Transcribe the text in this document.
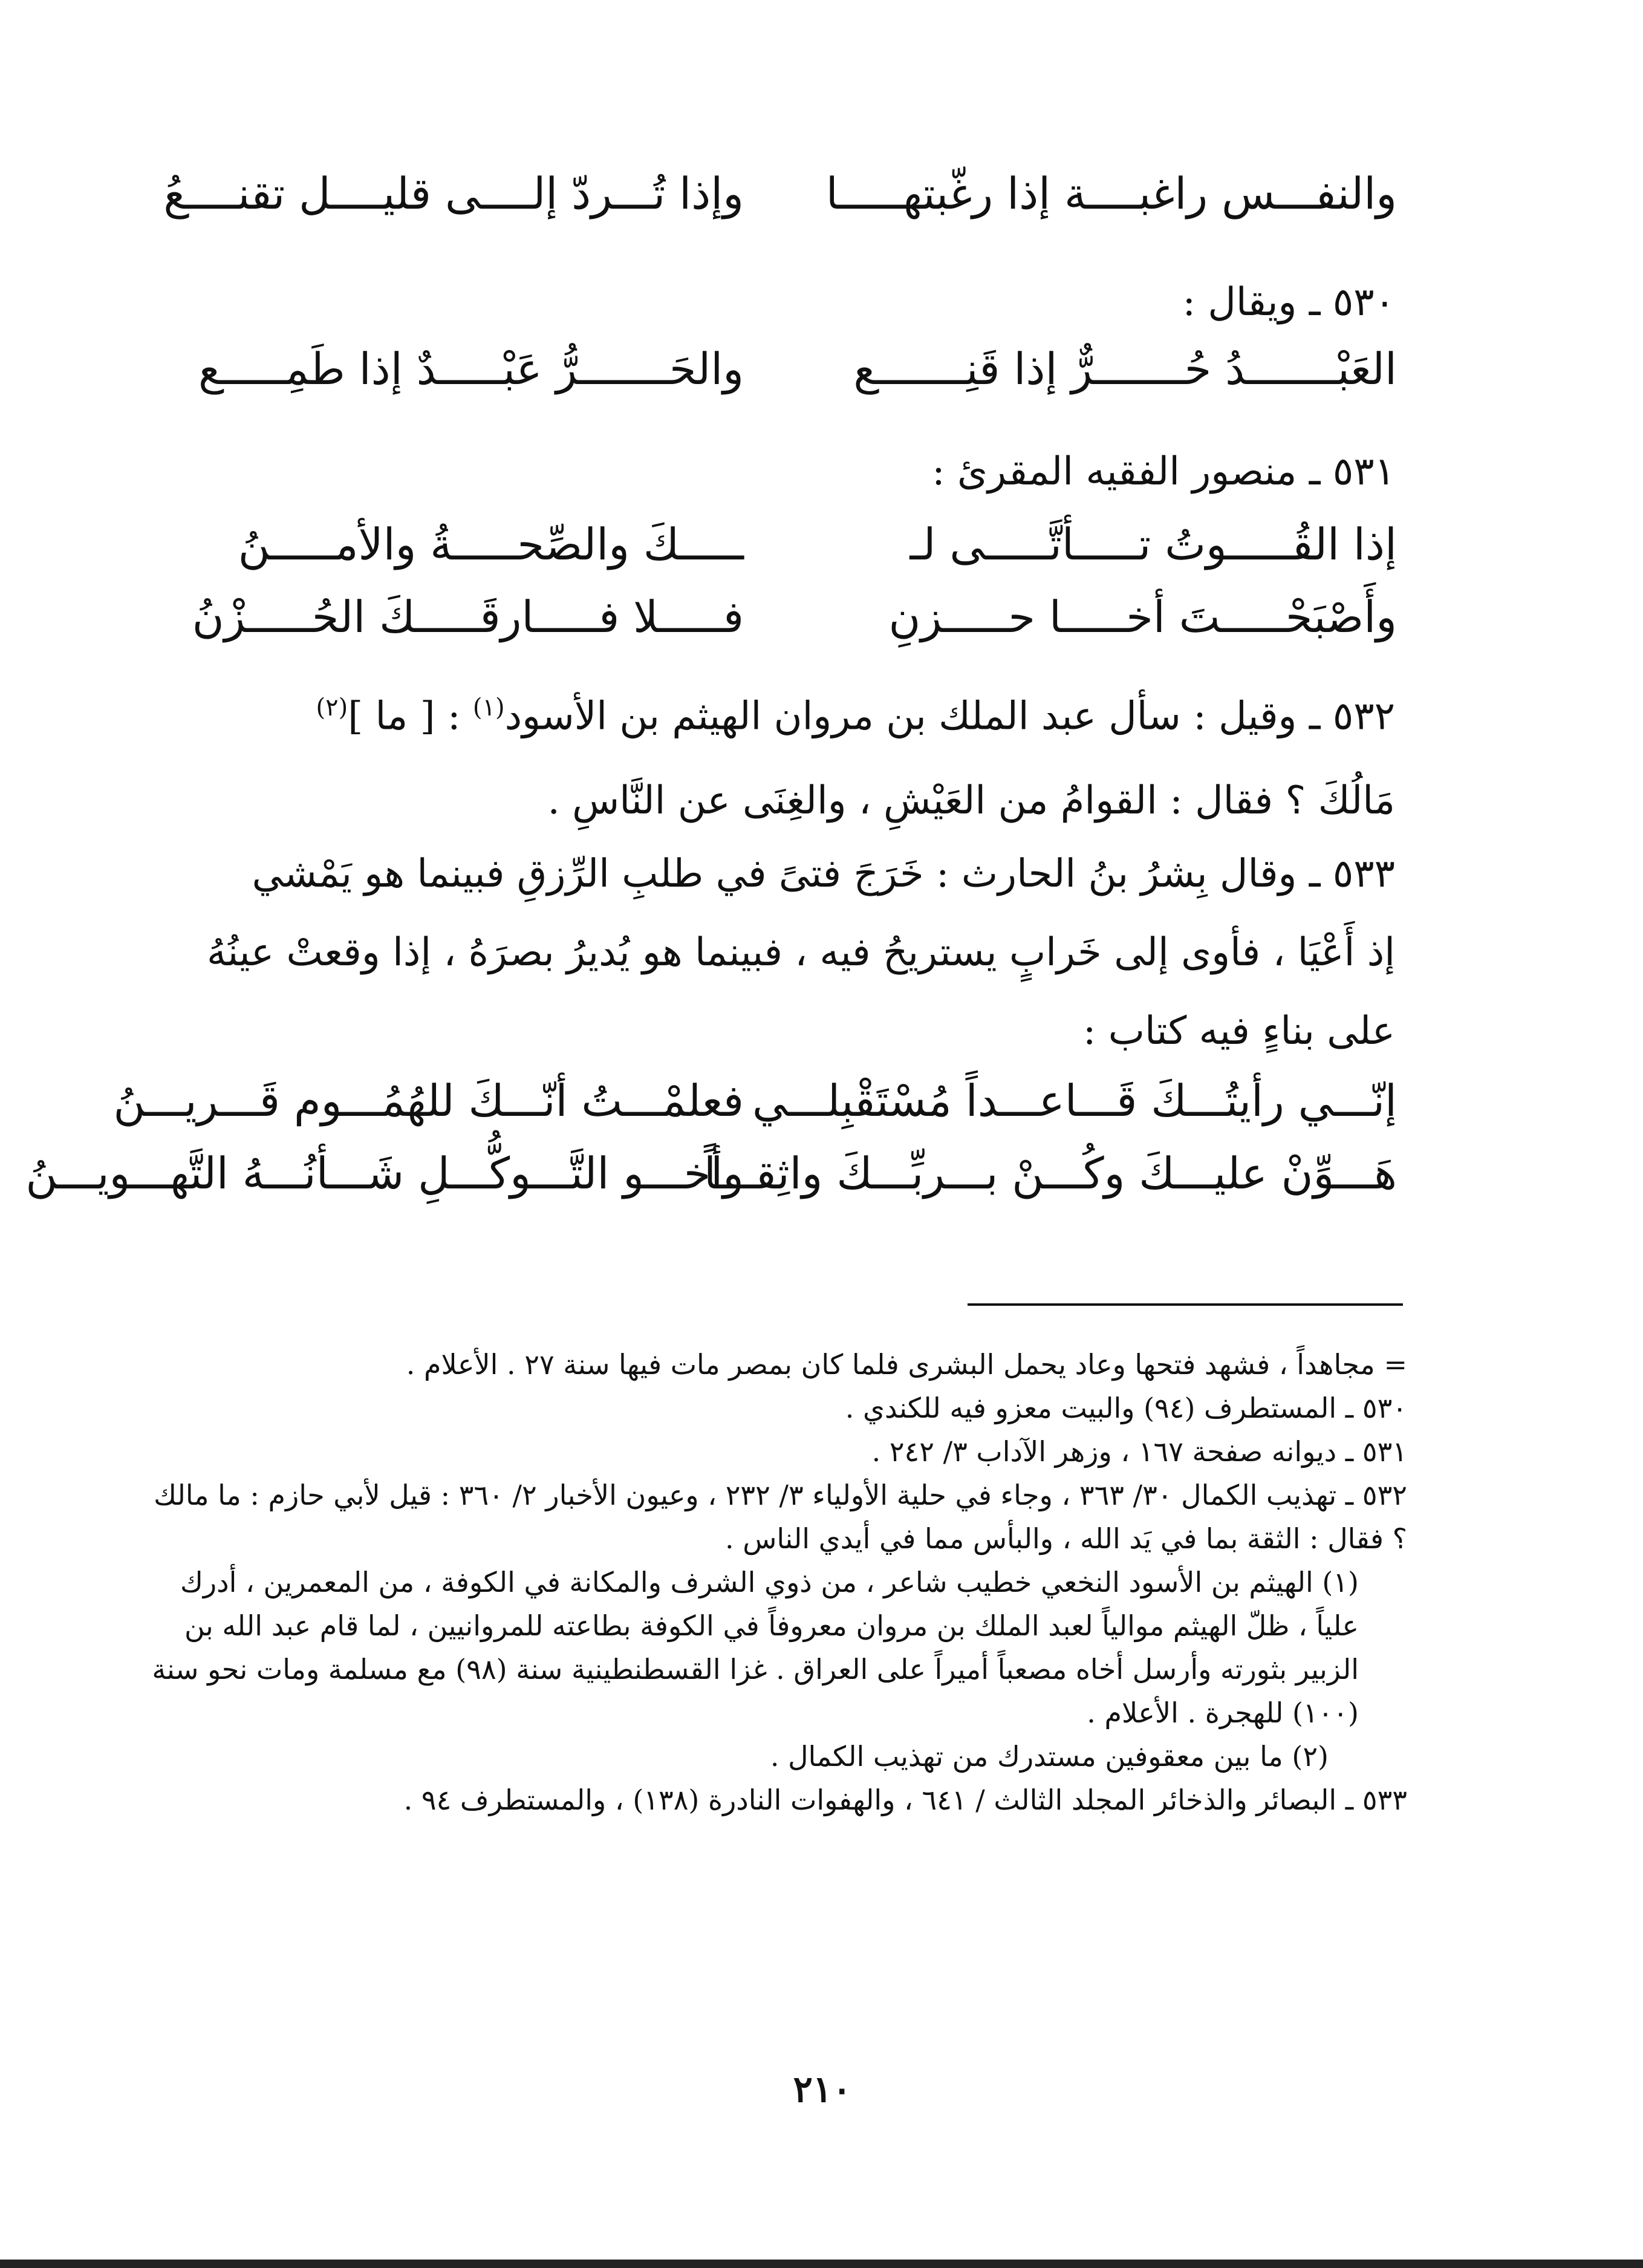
والنفـــس راغبــــة إذا رغّبتهـــــا
وإذا تُـــردّ إلــــى قليــــل تقنــــعُ
٥٣٠ ـ ويقال :
العَبْـــــــدُ حُـــــــرٌّ إذا قَنِـــــــع
والحَـــــــرُّ عَبْـــــدٌ إذا طَمِـــــع
٥٣١ ـ منصور الفقيه المقرئ :
إذا القُـــــوتُ تـــــأتَّـــــى لـ
ـــــكَ والصِّحـــــةُ والأمـــــنُ
وأَصْبَحْـــــتَ أخـــــا حـــــزنِ
فـــــلا فـــــارقَـــــكَ الحُـــــزْنُ
٥٣٢ ـ وقيل : سأل عبد الملك بن مروان الهيثم بن الأسود$^{(١)}$ : [ ما ]$^{(٢)}$
مَالُكَ ؟ فقال : القوامُ من العَيْشِ ، والغِنَى عن النَّاسِ .
٥٣٣ ـ وقال بِشرُ بنُ الحارث : خَرَجَ فتىً في طلبِ الرِّزقِ فبينما هو يَمْشي
إذ أَعْيَا ، فأوى إلى خَرابٍ يستريحُ فيه ، فبينما هو يُديرُ بصرَهُ ، إذا وقعتْ عينُهُ
على بناءٍ فيه كتاب :
إنّـــي رأيتُـــكَ قَـــاعـــداً مُسْتَقْبِلـــي
فعلمْـــتُ أنّـــكَ للهُمُـــوم قَـــريـــنُ
هَـــوِّنْ عليـــكَ وكُـــنْ بـــربِّـــكَ واثِقـــاً
وأخـــو التَّـــوكُّـــلِ شَـــأنُـــهُ التَّهـــويـــنُ

= مجاهداً ، فشهد فتحها وعاد يحمل البشرى فلما كان بمصر مات فيها سنة ٢٧ . الأعلام .

٥٣٠ ـ المستطرف (٩٤) والبيت معزو فيه للكندي .

٥٣١ ـ ديوانه صفحة ١٦٧ ، وزهر الآداب ٣/ ٢٤٢ .

٥٣٢ ـ تهذيب الكمال ٣٠/ ٣٦٣ ، وجاء في حلية الأولياء ٣/ ٢٣٢ ، وعيون الأخبار ٢/ ٣٦٠ : قيل لأبي حازم : ما مالك ؟ فقال : الثقة بما في يَد الله ، والبأس مما في أيدي الناس .

(١) الهيثم بن الأسود النخعي خطيب شاعر ، من ذوي الشرف والمكانة في الكوفة ، من المعمرين ، أدرك علياً ، ظلّ الهيثم موالياً لعبد الملك بن مروان معروفاً في الكوفة بطاعته للمروانيين ، لما قام عبد الله بن الزبير بثورته وأرسل أخاه مصعباً أميراً على العراق . غزا القسطنطينية سنة (٩٨) مع مسلمة ومات نحو سنة (١٠٠) للهجرة . الأعلام .

(٢) ما بين معقوفين مستدرك من تهذيب الكمال .

٥٣٣ ـ البصائر والذخائر المجلد الثالث / ٦٤١ ، والهفوات النادرة (١٣٨) ، والمستطرف ٩٤ .

٢١٠
